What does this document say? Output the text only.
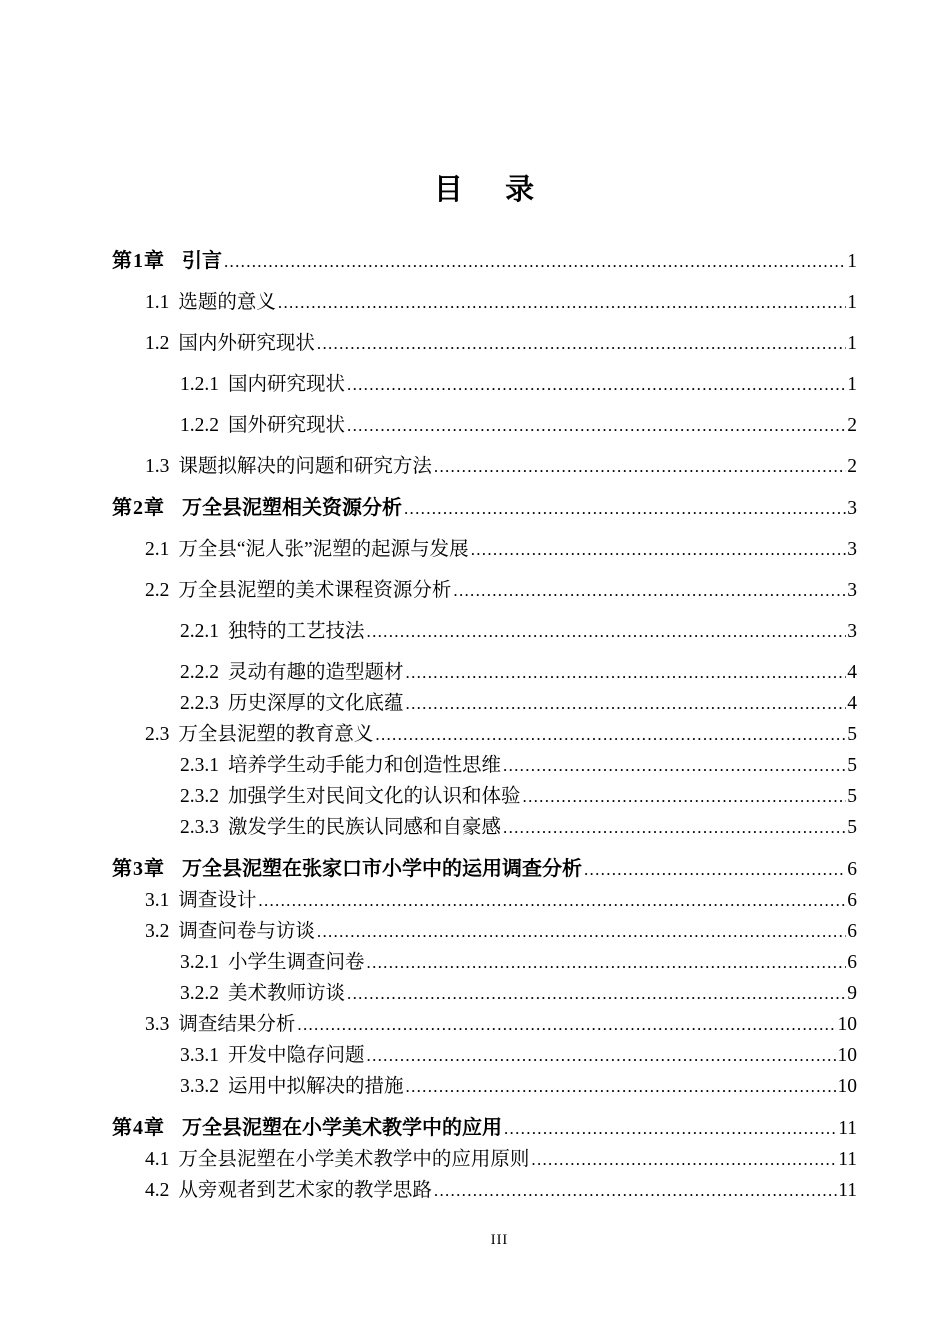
目     录
第1章 引言 .....	1
1.1 选题的意义 .....	1
1.2 国内外研究现状 .....	1
1.2.1 国内研究现状 .....	1
1.2.2 国外研究现状 .....	2
1.3 课题拟解决的问题和研究方法 .....	2
第2章 万全县泥塑相关资源分析 .....	3
2.1 万全县“泥人张”泥塑的起源与发展 .....	3
2.2 万全县泥塑的美术课程资源分析 .....	3
2.2.1 独特的工艺技法 .....	3
2.2.2 灵动有趣的造型题材 .....	4
2.2.3 历史深厚的文化底蕴 .....	4
2.3 万全县泥塑的教育意义 .....	5
2.3.1 培养学生动手能力和创造性思维 .....	5
2.3.2 加强学生对民间文化的认识和体验 .....	5
2.3.3 激发学生的民族认同感和自豪感 .....	5
第3章 万全县泥塑在张家口市小学中的运用调查分析 .....	6
3.1 调查设计 .....	6
3.2 调查问卷与访谈 .....	6
3.2.1 小学生调查问卷 .....	6
3.2.2 美术教师访谈 .....	9
3.3 调查结果分析 .....	10
3.3.1 开发中隐存问题 .....	10
3.3.2 运用中拟解决的措施 .....	10
第4章 万全县泥塑在小学美术教学中的应用 .....	11
4.1 万全县泥塑在小学美术教学中的应用原则 .....	11
4.2 从旁观者到艺术家的教学思路 .....	11
III
